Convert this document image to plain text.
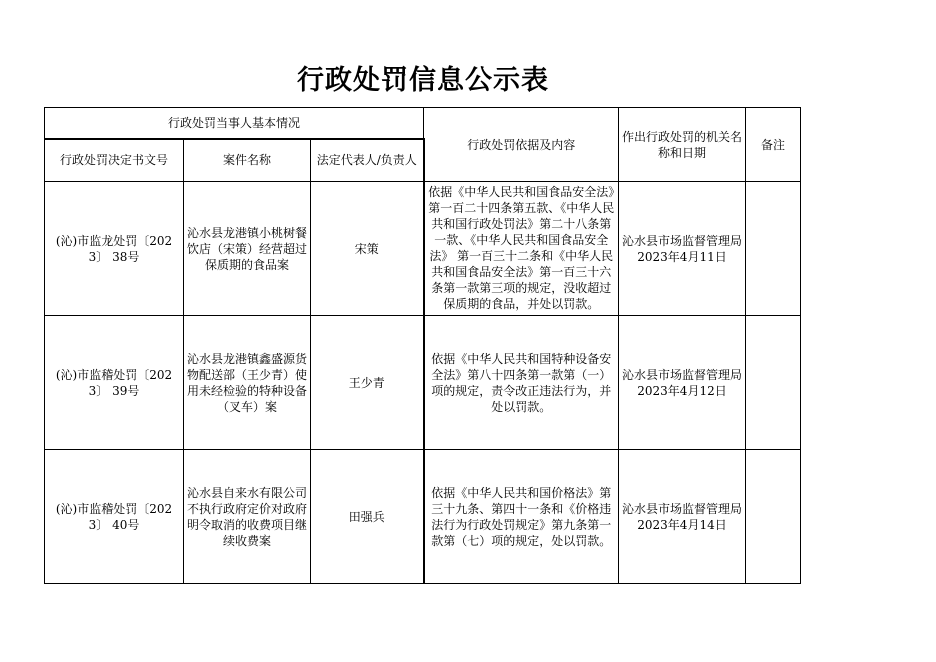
行政处罚信息公示表
行政处罚当事人基本情况			行政处罚依据及内容	作出行政处罚的机关名称和日期	备注
行政处罚决定书文号	案件名称	法定代表人/负责人			
(沁)市监龙处罚〔2023〕 38号	沁水县龙港镇小桃树餐饮店（宋策）经营超过保质期的食品案	宋策	依据《中华人民共和国食品安全法》第一百二十四条第五款、《中华人民共和国行政处罚法》第二十八条第一款、《中华人民共和国食品安全法》 第一百三十二条和《中华人民共和国食品安全法》第一百三十六条第一款第三项的规定，没收超过保质期的食品，并处以罚款。	沁水县市场监督管理局2023年4月11日	
(沁)市监稽处罚〔2023〕 39号	沁水县龙港镇鑫盛源货物配送部（王少青）使用未经检验的特种设备（叉车）案	王少青	依据《中华人民共和国特种设备安全法》第八十四条第一款第（一）项的规定，责令改正违法行为，并处以罚款。	沁水县市场监督管理局2023年4月12日	
(沁)市监稽处罚〔2023〕 40号	沁水县自来水有限公司不执行政府定价对政府明令取消的收费项目继续收费案	田强兵	依据《中华人民共和国价格法》第三十九条、第四十一条和《价格违法行为行政处罚规定》第九条第一款第（七）项的规定，处以罚款。	沁水县市场监督管理局2023年4月14日	
